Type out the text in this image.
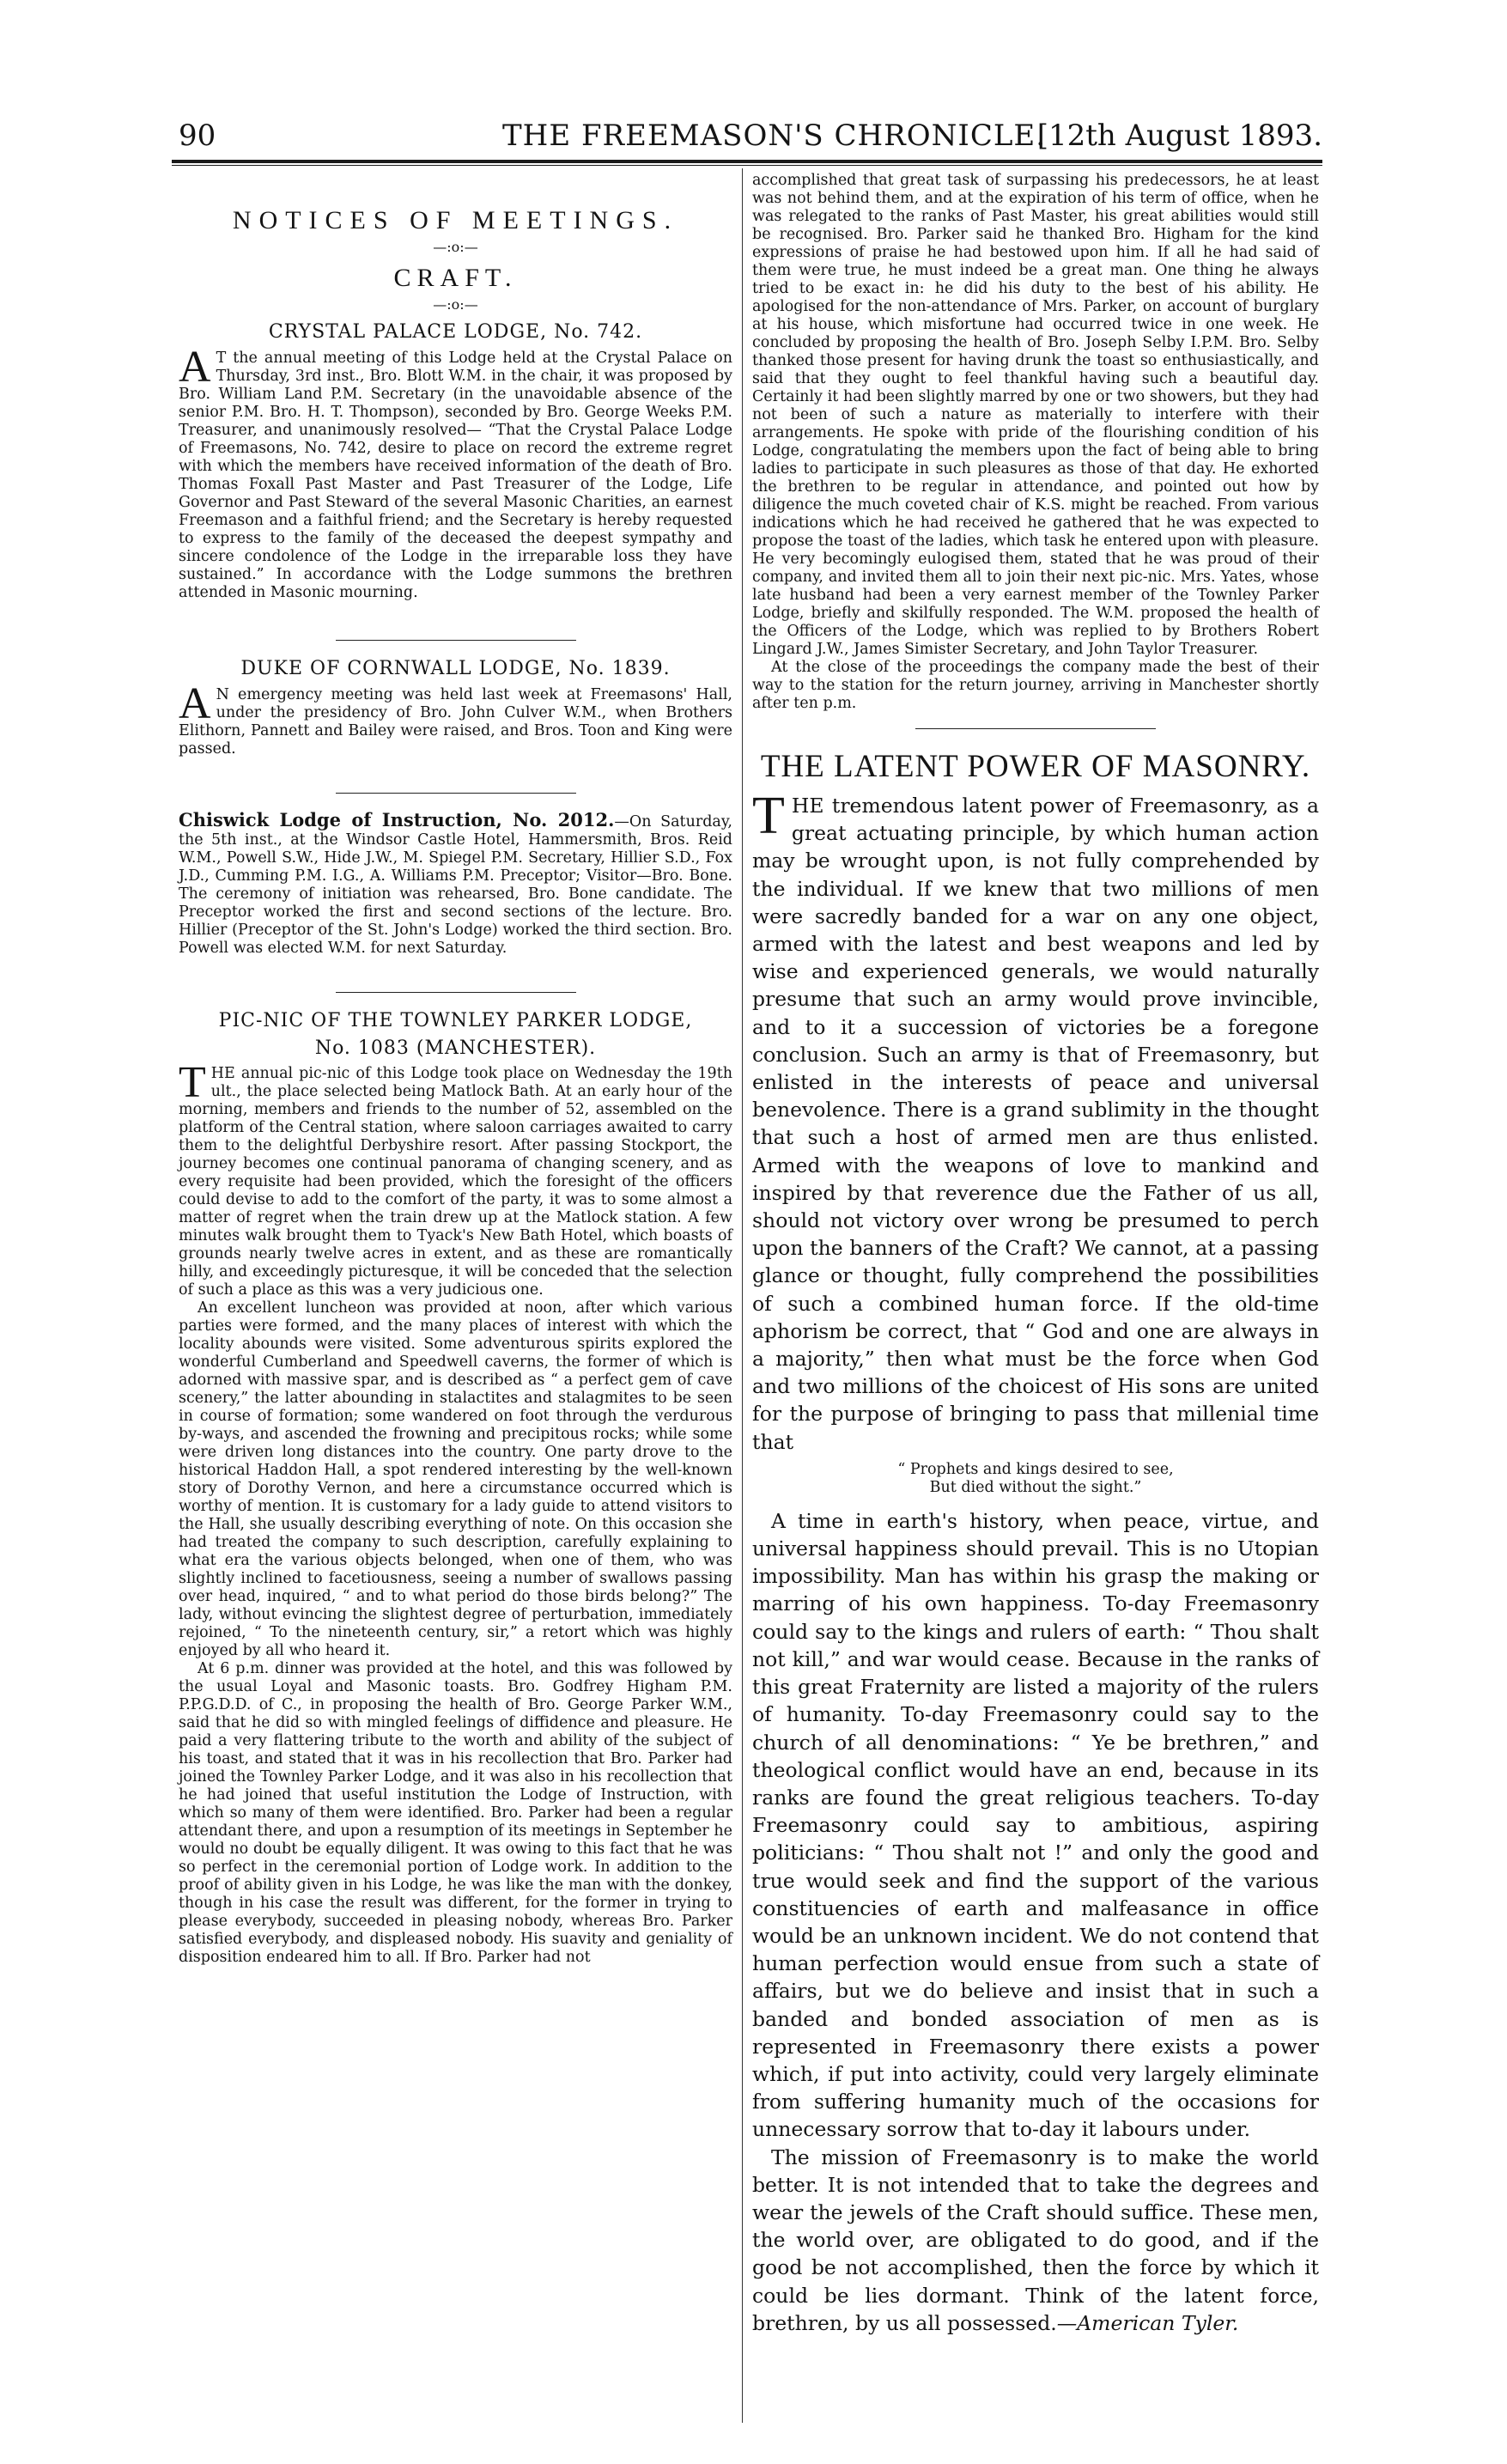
90	THE FREEMASON'S CHRONICLE.
[12th August 1893.
NOTICES OF MEETINGS.
—:o:—
CRAFT.
—:o:—
CRYSTAL PALACE LODGE, No. 742.

A T the annual meeting of this Lodge held at the Crystal Palace on Thursday, 3rd inst., Bro. Blott W.M. in the chair, it was proposed by Bro. William Land P.M. Secretary (in the unavoidable absence of the senior P.M. Bro. H. T. Thompson), seconded by Bro. George Weeks P.M. Treasurer, and unanimously resolved— “That the Crystal Palace Lodge of Freemasons, No. 742, desire to place on record the extreme regret with which the members have received information of the death of Bro. Thomas Foxall Past Master and Past Treasurer of the Lodge, Life Governor and Past Steward of the several Masonic Charities, an earnest Freemason and a faithful friend; and the Secretary is hereby requested to express to the family of the deceased the deepest sympathy and sincere condolence of the Lodge in the irreparable loss they have sustained.” In accordance with the Lodge summons the brethren attended in Masonic mourning.

DUKE OF CORNWALL LODGE, No. 1839.

A N emergency meeting was held last week at Freemasons' Hall, under the presidency of Bro. John Culver W.M., when Brothers Elithorn, Pannett and Bailey were raised, and Bros. Toon and King were passed.

Chiswick Lodge of Instruction, No. 2012.—On Saturday, the 5th inst., at the Windsor Castle Hotel, Hammersmith, Bros. Reid W.M., Powell S.W., Hide J.W., M. Spiegel P.M. Secretary, Hillier S.D., Fox J.D., Cumming P.M. I.G., A. Williams P.M. Preceptor; Visitor—Bro. Bone. The ceremony of initiation was rehearsed, Bro. Bone candidate. The Preceptor worked the first and second sections of the lecture. Bro. Hillier (Preceptor of the St. John's Lodge) worked the third section. Bro. Powell was elected W.M. for next Saturday.

PIC-NIC OF THE TOWNLEY PARKER LODGE,
No. 1083 (MANCHESTER).

THE annual pic-nic of this Lodge took place on Wednesday the 19th ult., the place selected being Matlock Bath. At an early hour of the morning, members and friends to the number of 52, assembled on the platform of the Central station, where saloon carriages awaited to carry them to the delightful Derbyshire resort. After passing Stockport, the journey becomes one continual panorama of changing scenery, and as every requisite had been provided, which the foresight of the officers could devise to add to the comfort of the party, it was to some almost a matter of regret when the train drew up at the Matlock station. A few minutes walk brought them to Tyack's New Bath Hotel, which boasts of grounds nearly twelve acres in extent, and as these are romantically hilly, and exceedingly picturesque, it will be conceded that the selection of such a place as this was a very judicious one.

An excellent luncheon was provided at noon, after which various parties were formed, and the many places of interest with which the locality abounds were visited. Some adventurous spirits explored the wonderful Cumberland and Speedwell caverns, the former of which is adorned with massive spar, and is described as “ a perfect gem of cave scenery,” the latter abounding in stalactites and stalagmites to be seen in course of formation; some wandered on foot through the verdurous by-ways, and ascended the frowning and precipitous rocks; while some were driven long distances into the country. One party drove to the historical Haddon Hall, a spot rendered interesting by the well-known story of Dorothy Vernon, and here a circumstance occurred which is worthy of mention. It is customary for a lady guide to attend visitors to the Hall, she usually describing everything of note. On this occasion she had treated the company to such description, carefully explaining to what era the various objects belonged, when one of them, who was slightly inclined to facetiousness, seeing a number of swallows passing over head, inquired, “ and to what period do those birds belong?” The lady, without evincing the slightest degree of perturbation, immediately rejoined, “ To the nineteenth century, sir,” a retort which was highly enjoyed by all who heard it.

At 6 p.m. dinner was provided at the hotel, and this was followed by the usual Loyal and Masonic toasts. Bro. Godfrey Higham P.M. P.P.G.D.D. of C., in proposing the health of Bro. George Parker W.M., said that he did so with mingled feelings of diffidence and pleasure. He paid a very flattering tribute to the worth and ability of the subject of his toast, and stated that it was in his recollection that Bro. Parker had joined the Townley Parker Lodge, and it was also in his recollection that he had joined that useful institution the Lodge of Instruction, with which so many of them were identified. Bro. Parker had been a regular attendant there, and upon a resumption of its meetings in September he would no doubt be equally diligent. It was owing to this fact that he was so perfect in the ceremonial portion of Lodge work. In addition to the proof of ability given in his Lodge, he was like the man with the donkey, though in his case the result was different, for the former in trying to please everybody, succeeded in pleasing nobody, whereas Bro. Parker satisfied everybody, and displeased nobody. His suavity and geniality of disposition endeared him to all. If Bro. Parker had not

accomplished that great task of surpassing his predecessors, he at least was not behind them, and at the expiration of his term of office, when he was relegated to the ranks of Past Master, his great abilities would still be recognised. Bro. Parker said he thanked Bro. Higham for the kind expressions of praise he had bestowed upon him. If all he had said of them were true, he must indeed be a great man. One thing he always tried to be exact in: he did his duty to the best of his ability. He apologised for the non-attendance of Mrs. Parker, on account of burglary at his house, which misfortune had occurred twice in one week. He concluded by proposing the health of Bro. Joseph Selby I.P.M. Bro. Selby thanked those present for having drunk the toast so enthusiastically, and said that they ought to feel thankful having such a beautiful day. Certainly it had been slightly marred by one or two showers, but they had not been of such a nature as materially to interfere with their arrangements. He spoke with pride of the flourishing condition of his Lodge, congratulating the members upon the fact of being able to bring ladies to participate in such pleasures as those of that day. He exhorted the brethren to be regular in attendance, and pointed out how by diligence the much coveted chair of K.S. might be reached. From various indications which he had received he gathered that he was expected to propose the toast of the ladies, which task he entered upon with pleasure. He very becomingly eulogised them, stated that he was proud of their company, and invited them all to join their next pic-nic. Mrs. Yates, whose late husband had been a very earnest member of the Townley Parker Lodge, briefly and skilfully responded. The W.M. proposed the health of the Officers of the Lodge, which was replied to by Brothers Robert Lingard J.W., James Simister Secretary, and John Taylor Treasurer.

At the close of the proceedings the company made the best of their way to the station for the return journey, arriving in Manchester shortly after ten p.m.

THE LATENT POWER OF MASONRY.

THE tremendous latent power of Freemasonry, as a great actuating principle, by which human action may be wrought upon, is not fully comprehended by the individual. If we knew that two millions of men were sacredly banded for a war on any one object, armed with the latest and best weapons and led by wise and experienced generals, we would naturally presume that such an army would prove invincible, and to it a succession of victories be a foregone conclusion. Such an army is that of Freemasonry, but enlisted in the interests of peace and universal benevolence. There is a grand sublimity in the thought that such a host of armed men are thus enlisted. Armed with the weapons of love to mankind and inspired by that reverence due the Father of us all, should not victory over wrong be presumed to perch upon the banners of the Craft? We cannot, at a passing glance or thought, fully comprehend the possibilities of such a combined human force. If the old-time aphorism be correct, that “ God and one are always in a majority,” then what must be the force when God and two millions of the choicest of His sons are united for the purpose of bringing to pass that millenial time that

“ Prophets and kings desired to see,
But died without the sight.”

A time in earth's history, when peace, virtue, and universal happiness should prevail. This is no Utopian impossibility. Man has within his grasp the making or marring of his own happiness. To-day Freemasonry could say to the kings and rulers of earth: “ Thou shalt not kill,” and war would cease. Because in the ranks of this great Fraternity are listed a majority of the rulers of humanity. To-day Freemasonry could say to the church of all denominations: “ Ye be brethren,” and theological conflict would have an end, because in its ranks are found the great religious teachers. To-day Freemasonry could say to ambitious, aspiring politicians: “ Thou shalt not !” and only the good and true would seek and find the support of the various constituencies of earth and malfeasance in office would be an unknown incident. We do not contend that human perfection would ensue from such a state of affairs, but we do believe and insist that in such a banded and bonded association of men as is represented in Freemasonry there exists a power which, if put into activity, could very largely eliminate from suffering humanity much of the occasions for unnecessary sorrow that to-day it labours under.

The mission of Freemasonry is to make the world better. It is not intended that to take the degrees and wear the jewels of the Craft should suffice. These men, the world over, are obligated to do good, and if the good be not accomplished, then the force by which it could be lies dormant. Think of the latent force, brethren, by us all possessed.—American Tyler.
